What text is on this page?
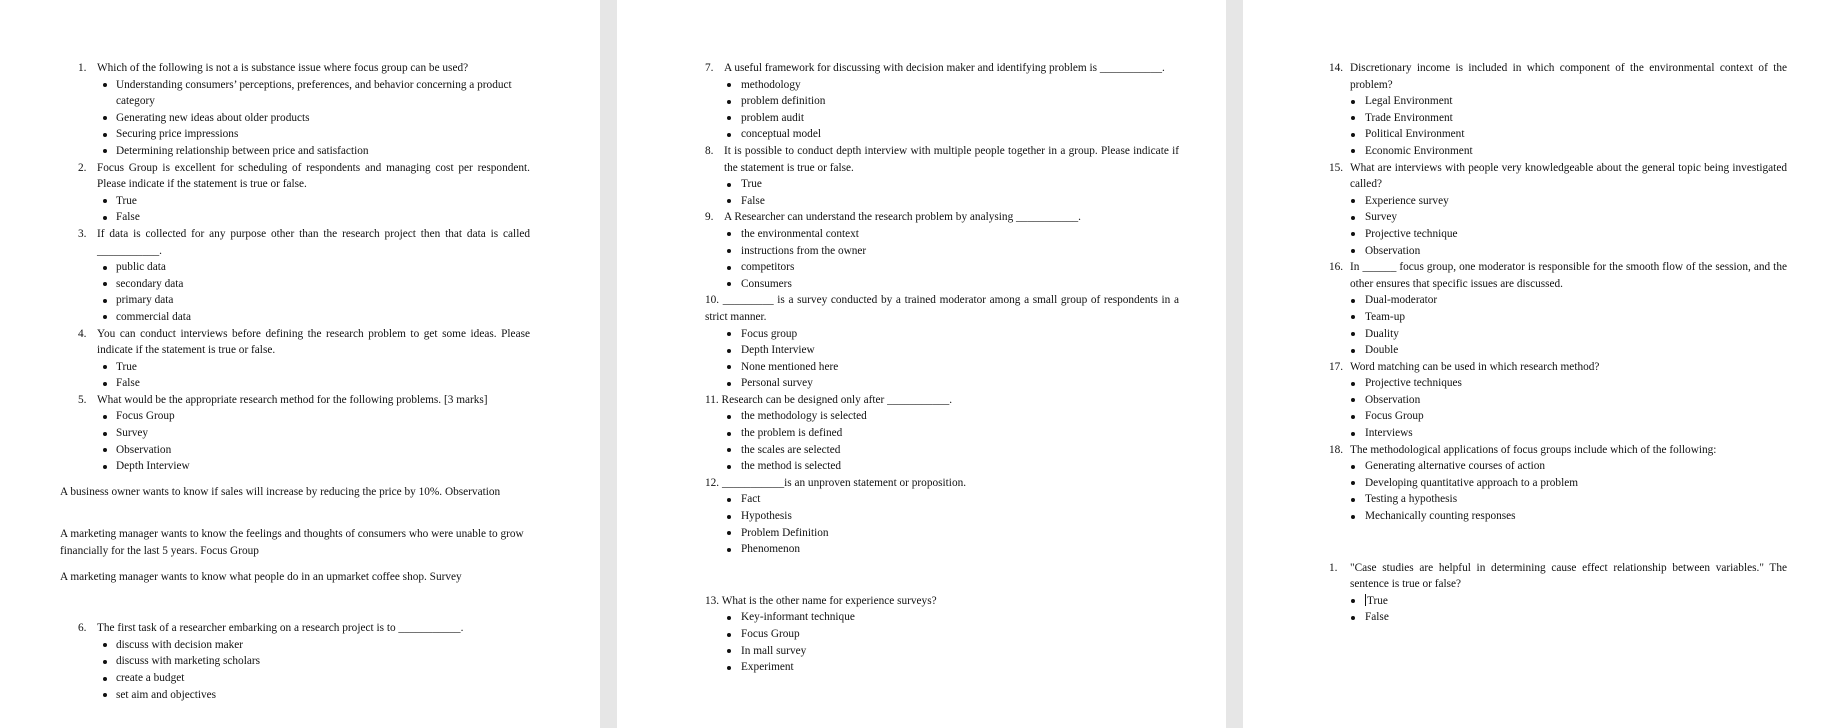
1. Which of the following is not a is substance issue where focus group can be used?
Understanding consumers’ perceptions, preferences, and behavior concerning a product category
Generating new ideas about older products
Securing price impressions
Determining relationship between price and satisfaction
2. Focus Group is excellent for scheduling of respondents and managing cost per respondent. Please indicate if the statement is true or false.
True
False
3. If data is collected for any purpose other than the research project then that data is called ___________.
public data
secondary data
primary data
commercial data
4. You can conduct interviews before defining the research problem to get some ideas. Please indicate if the statement is true or false.
True
False
5. What would be the appropriate research method for the following problems. [3 marks]
Focus Group
Survey
Observation
Depth Interview

A business owner wants to know if sales will increase by reducing the price by 10%. Observation

A marketing manager wants to know the feelings and thoughts of consumers who were unable to grow financially for the last 5 years. Focus Group

A marketing manager wants to know what people do in an upmarket coffee shop. Survey

6. The first task of a researcher embarking on a research project is to ___________.
discuss with decision maker
discuss with marketing scholars
create a budget
set aim and objectives
7. A useful framework for discussing with decision maker and identifying problem is ___________.
methodology
problem definition
problem audit
conceptual model
8. It is possible to conduct depth interview with multiple people together in a group. Please indicate if the statement is true or false.
True
False
9. A Researcher can understand the research problem by analysing ___________.
the environmental context
instructions from the owner
competitors
Consumers
10. _________ is a survey conducted by a trained moderator among a small group of respondents in a strict manner.
Focus group
Depth Interview
None mentioned here
Personal survey
11. Research can be designed only after ___________.
the methodology is selected
the problem is defined
the scales are selected
the method is selected
12. ___________is an unproven statement or proposition.
Fact
Hypothesis
Problem Definition
Phenomenon
13. What is the other name for experience surveys?
Key-informant technique
Focus Group
In mall survey
Experiment
14. Discretionary income is included in which component of the environmental context of the problem?
Legal Environment
Trade Environment
Political Environment
Economic Environment
15. What are interviews with people very knowledgeable about the general topic being investigated called?
Experience survey
Survey
Projective technique
Observation
16. In ______ focus group, one moderator is responsible for the smooth flow of the session, and the other ensures that specific issues are discussed.
Dual-moderator
Team-up
Duality
Double
17. Word matching can be used in which research method?
Projective techniques
Observation
Focus Group
Interviews
18. The methodological applications of focus groups include which of the following:
Generating alternative courses of action
Developing quantitative approach to a problem
Testing a hypothesis
Mechanically counting responses
1.	"Case studies are helpful in determining cause effect relationship between variables." The sentence is true or false?
True
False
